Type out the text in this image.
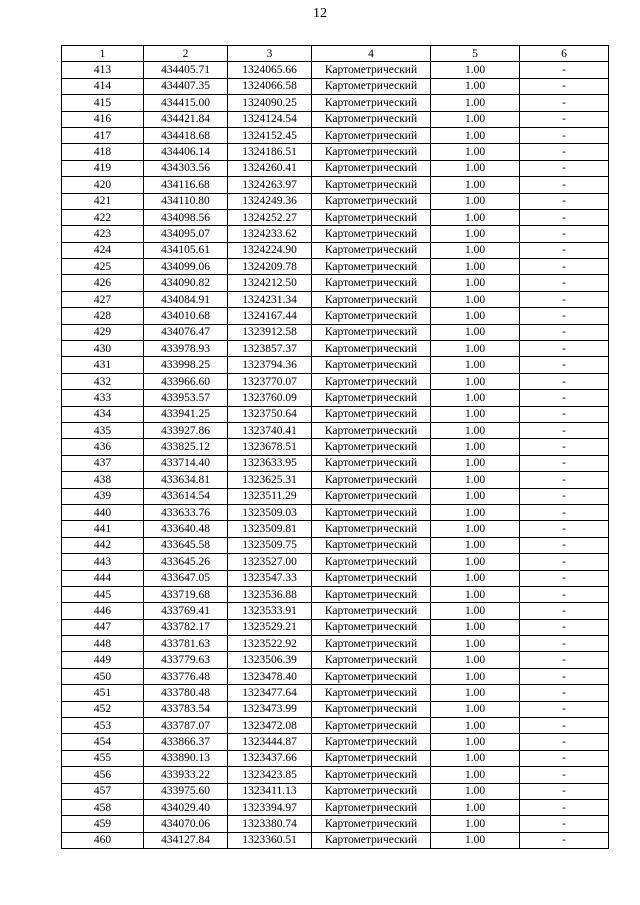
12
1	2	3	4	5	6
413	434405.71	1324065.66	Картометрический	1.00	-
414	434407.35	1324066.58	Картометрический	1.00	-
415	434415.00	1324090.25	Картометрический	1.00	-
416	434421.84	1324124.54	Картометрический	1.00	-
417	434418.68	1324152.45	Картометрический	1.00	-
418	434406.14	1324186.51	Картометрический	1.00	-
419	434303.56	1324260.41	Картометрический	1.00	-
420	434116.68	1324263.97	Картометрический	1.00	-
421	434110.80	1324249.36	Картометрический	1.00	-
422	434098.56	1324252.27	Картометрический	1.00	-
423	434095.07	1324233.62	Картометрический	1.00	-
424	434105.61	1324224.90	Картометрический	1.00	-
425	434099.06	1324209.78	Картометрический	1.00	-
426	434090.82	1324212.50	Картометрический	1.00	-
427	434084.91	1324231.34	Картометрический	1.00	-
428	434010.68	1324167.44	Картометрический	1.00	-
429	434076.47	1323912.58	Картометрический	1.00	-
430	433978.93	1323857.37	Картометрический	1.00	-
431	433998.25	1323794.36	Картометрический	1.00	-
432	433966.60	1323770.07	Картометрический	1.00	-
433	433953.57	1323760.09	Картометрический	1.00	-
434	433941.25	1323750.64	Картометрический	1.00	-
435	433927.86	1323740.41	Картометрический	1.00	-
436	433825.12	1323678.51	Картометрический	1.00	-
437	433714.40	1323633.95	Картометрический	1.00	-
438	433634.81	1323625.31	Картометрический	1.00	-
439	433614.54	1323511.29	Картометрический	1.00	-
440	433633.76	1323509.03	Картометрический	1.00	-
441	433640.48	1323509.81	Картометрический	1.00	-
442	433645.58	1323509.75	Картометрический	1.00	-
443	433645.26	1323527.00	Картометрический	1.00	-
444	433647.05	1323547.33	Картометрический	1.00	-
445	433719.68	1323536.88	Картометрический	1.00	-
446	433769.41	1323533.91	Картометрический	1.00	-
447	433782.17	1323529.21	Картометрический	1.00	-
448	433781.63	1323522.92	Картометрический	1.00	-
449	433779.63	1323506.39	Картометрический	1.00	-
450	433776.48	1323478.40	Картометрический	1.00	-
451	433780.48	1323477.64	Картометрический	1.00	-
452	433783.54	1323473.99	Картометрический	1.00	-
453	433787.07	1323472.08	Картометрический	1.00	-
454	433866.37	1323444.87	Картометрический	1.00	-
455	433890.13	1323437.66	Картометрический	1.00	-
456	433933.22	1323423.85	Картометрический	1.00	-
457	433975.60	1323411.13	Картометрический	1.00	-
458	434029.40	1323394.97	Картометрический	1.00	-
459	434070.06	1323380.74	Картометрический	1.00	-
460	434127.84	1323360.51	Картометрический	1.00	-
